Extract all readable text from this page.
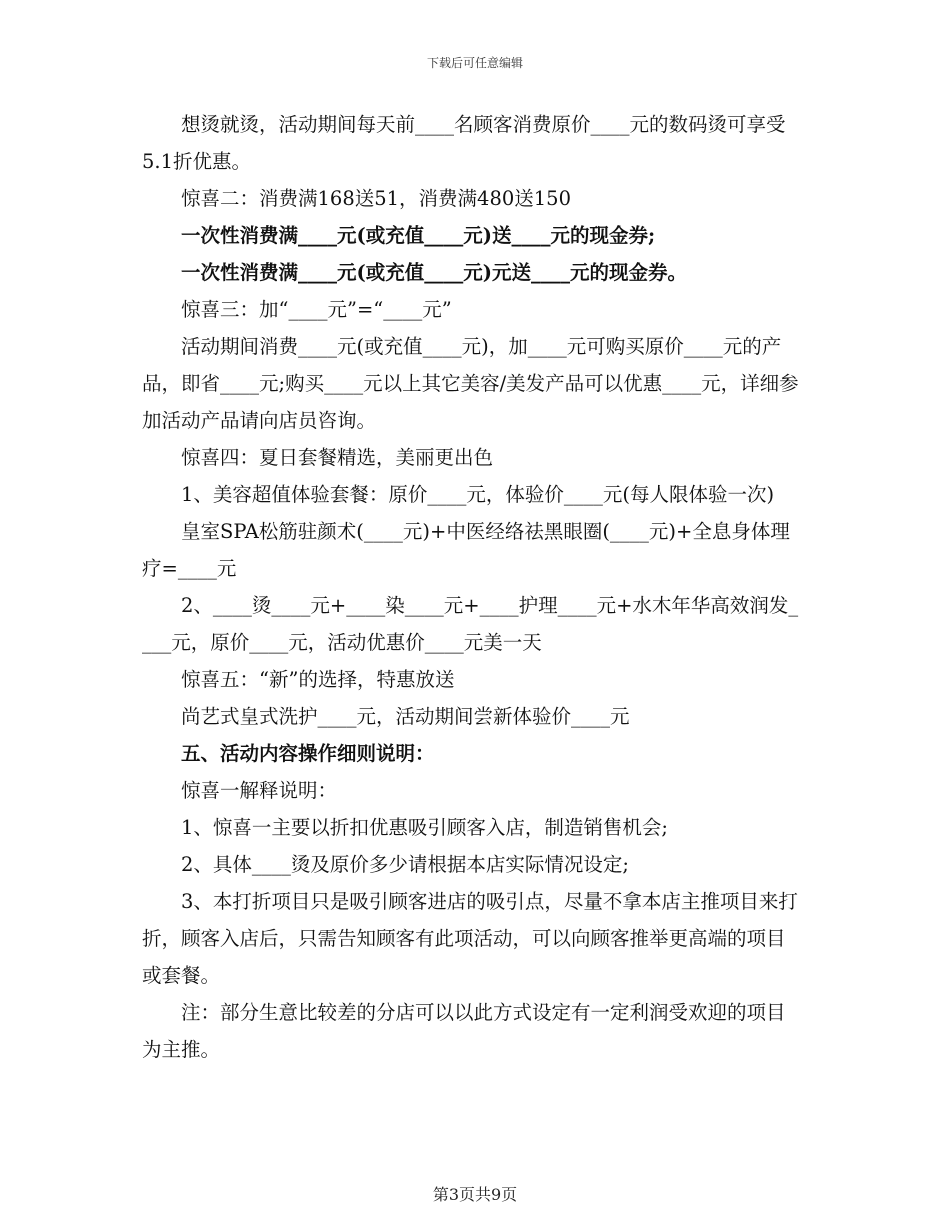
下载后可任意编辑

想烫就烫，活动期间每天前____名顾客消费原价____元的数码烫可享受5.1折优惠。

惊喜二：消费满168送51，消费满480送150

一次性消费满____元(或充值____元)送____元的现金券;

一次性消费满____元(或充值____元)元送____元的现金券。

惊喜三：加“____元”=“____元”

活动期间消费____元(或充值____元)，加____元可购买原价____元的产品，即省____元;购买____元以上其它美容/美发产品可以优惠____元，详细参加活动产品请向店员咨询。

惊喜四：夏日套餐精选，美丽更出色

1、美容超值体验套餐：原价____元，体验价____元(每人限体验一次)

皇室SPA松筋驻颜术(____元)+中医经络祛黑眼圈(____元)+全息身体理疗=____元

2、____烫____元+____染____元+____护理____元+水木年华高效润发____元，原价____元，活动优惠价____元美一天

惊喜五：“新”的选择，特惠放送

尚艺式皇式洗护____元，活动期间尝新体验价____元

五、活动内容操作细则说明：

惊喜一解释说明：

1、惊喜一主要以折扣优惠吸引顾客入店，制造销售机会;

2、具体____烫及原价多少请根据本店实际情况设定;

3、本打折项目只是吸引顾客进店的吸引点，尽量不拿本店主推项目来打折，顾客入店后，只需告知顾客有此项活动，可以向顾客推举更高端的项目或套餐。

注：部分生意比较差的分店可以以此方式设定有一定利润受欢迎的项目为主推。

第3页共9页
